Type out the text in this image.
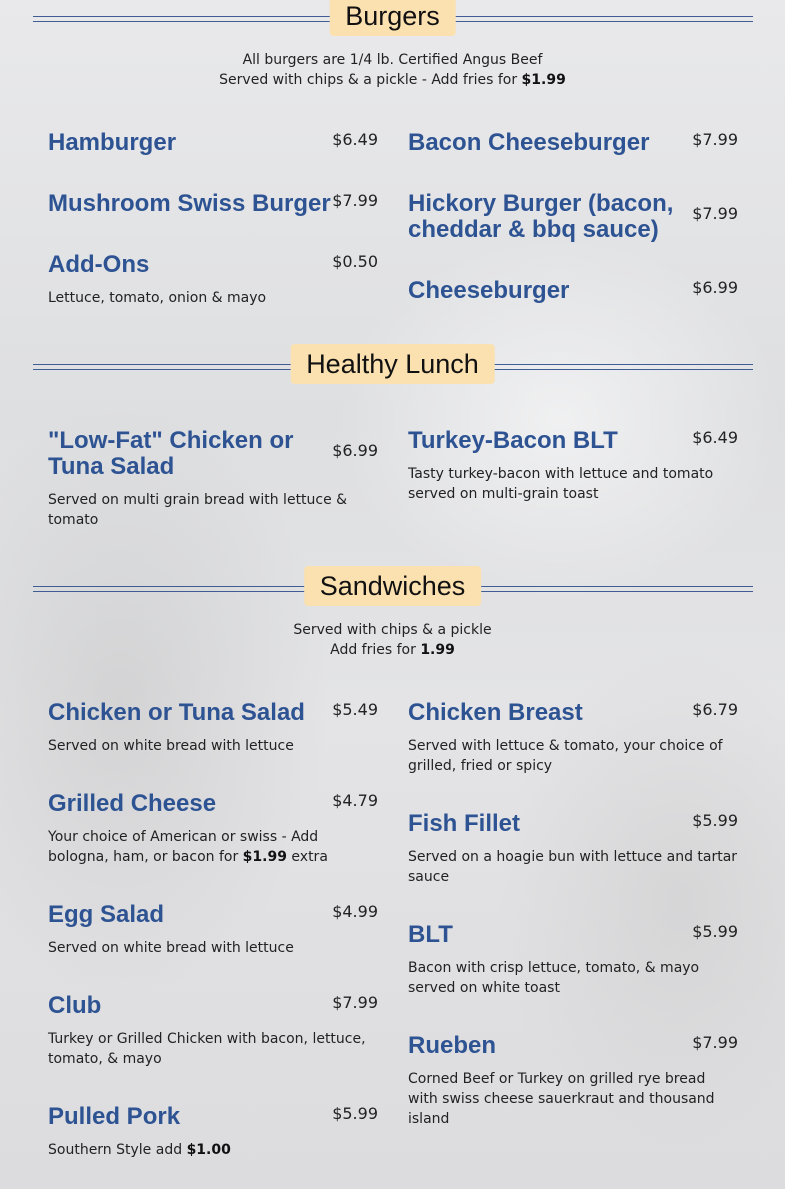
Burgers
All burgers are 1/4 lb. Certified Angus Beef
Served with chips & a pickle - Add fries for $1.99
Hamburger	$6.49 Bacon Cheeseburger	$7.99
Mushroom Swiss Burger $7.99 Hickory Burger (bacon, cheddar & bbq sauce)
$7.99
Add-Ons	$0.50
Lettuce, tomato, onion & mayo	Cheeseburger	$6.99
Healthy Lunch
"Low-Fat" Chicken or Tuna Salad
$6.99
Served on multi grain bread with lettuce & tomato
Turkey-Bacon BLT	$6.49
Tasty turkey-bacon with lettuce and tomato served on multi-grain toast
Sandwiches
Served with chips & a pickle
Add fries for 1.99
Chicken or Tuna Salad	$5.49
Served on white bread with lettuce
Chicken Breast	$6.79
Served with lettuce & tomato, your choice of grilled, fried or spicy
Grilled Cheese	$4.79
Your choice of American or swiss - Add bologna, ham, or bacon for $1.99 extra
Fish Fillet	$5.99
Served on a hoagie bun with lettuce and tartar sauce
Egg Salad	$4.99
Served on white bread with lettuce	BLT	$5.99
Bacon with crisp lettuce, tomato, & mayo served on white toast
Club	$7.99
Turkey or Grilled Chicken with bacon, lettuce, tomato, & mayo	Rueben	$7.99
Corned Beef or Turkey on grilled rye bread with swiss cheese sauerkraut and thousand island
Pulled Pork	$5.99
Southern Style add $1.00
